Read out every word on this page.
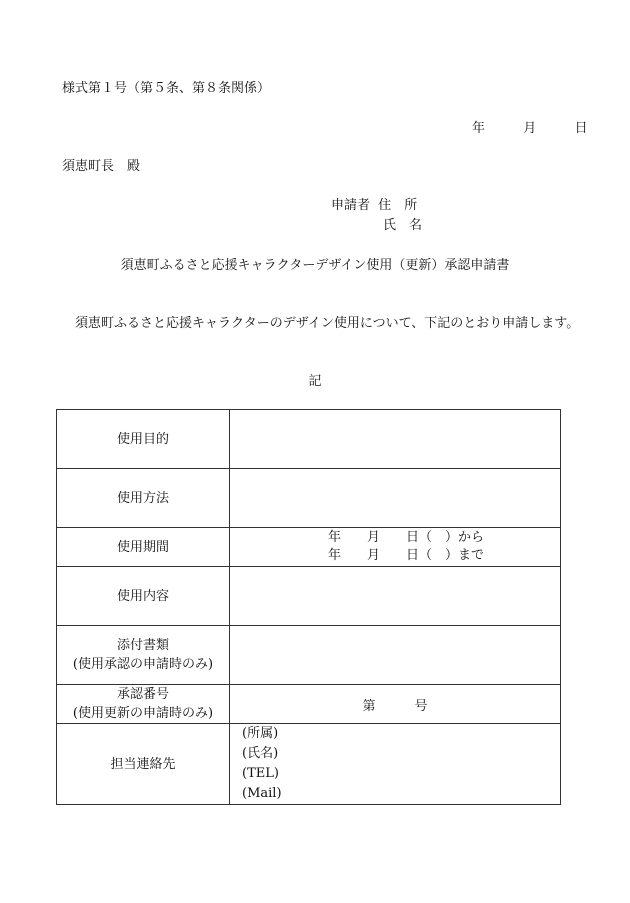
様式第１号（第５条、第８条関係）
年	月	日
須恵町長　殿
申請者 住　所
氏　名
須恵町ふるさと応援キャラクターデザイン使用（更新）承認申請書
須恵町ふるさと応援キャラクターのデザイン使用について、下記のとおり申請します。
記
使用目的	
使用方法	
使用期間	年　　月　　日（　）から
年　　月　　日（　）まで

使用内容	

添付書類
(使用承認の申請時のみ)	

承認番号
(使用更新の申請時のみ)	第　　　号
担当連絡先	(所属)
(氏名)
(TEL)
(Mail)
